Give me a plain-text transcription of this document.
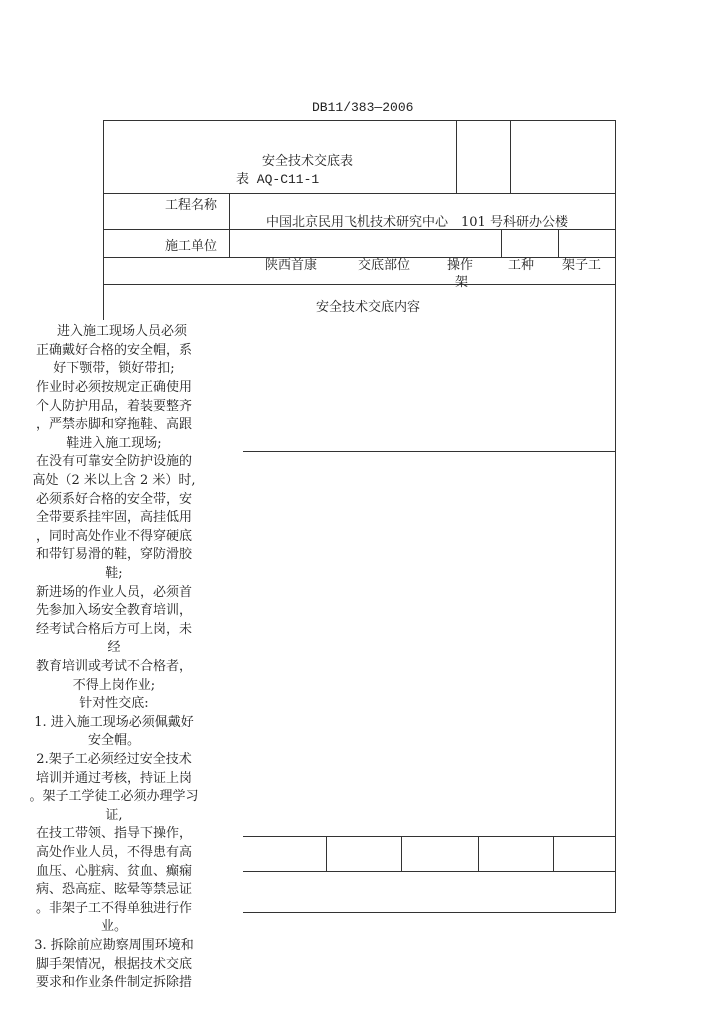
DB11/383—2006
安全技术交底表
表 AQ-C11-1
工程名称
中国北京民用飞机技术研究中心　101 号科研办公楼
施工单位
陕西首康	交底部位	操作
架
工种 架子工
安全技术交底内容
进入施工现场人员必须
正确戴好合格的安全帽，系
好下颚带，锁好带扣;
作业时必须按规定正确使用
个人防护用品，着装要整齐
，严禁赤脚和穿拖鞋、高跟
鞋进入施工现场;
在没有可靠安全防护设施的
高处（2 米以上含 2 米）时,
必须系好合格的安全带，安
全带要系挂牢固，高挂低用
，同时高处作业不得穿硬底
和带钉易滑的鞋，穿防滑胶
鞋;
新进场的作业人员，必须首
先参加入场安全教育培训，
经考试合格后方可上岗，未
经
教育培训或考试不合格者，
不得上岗作业;
针对性交底:
1. 进入施工现场必须佩戴好
安全帽。
2.架子工必须经过安全技术
培训并通过考核，持证上岗
。架子工学徒工必须办理学习
证,
在技工带领、指导下操作，
高处作业人员，不得患有高
血压、心脏病、贫血、癫痫
病、恐高症、眩晕等禁忌证
。非架子工不得单独进行作
业。
3. 拆除前应勘察周围环境和
脚手架情况，根据技术交底
要求和作业条件制定拆除措
